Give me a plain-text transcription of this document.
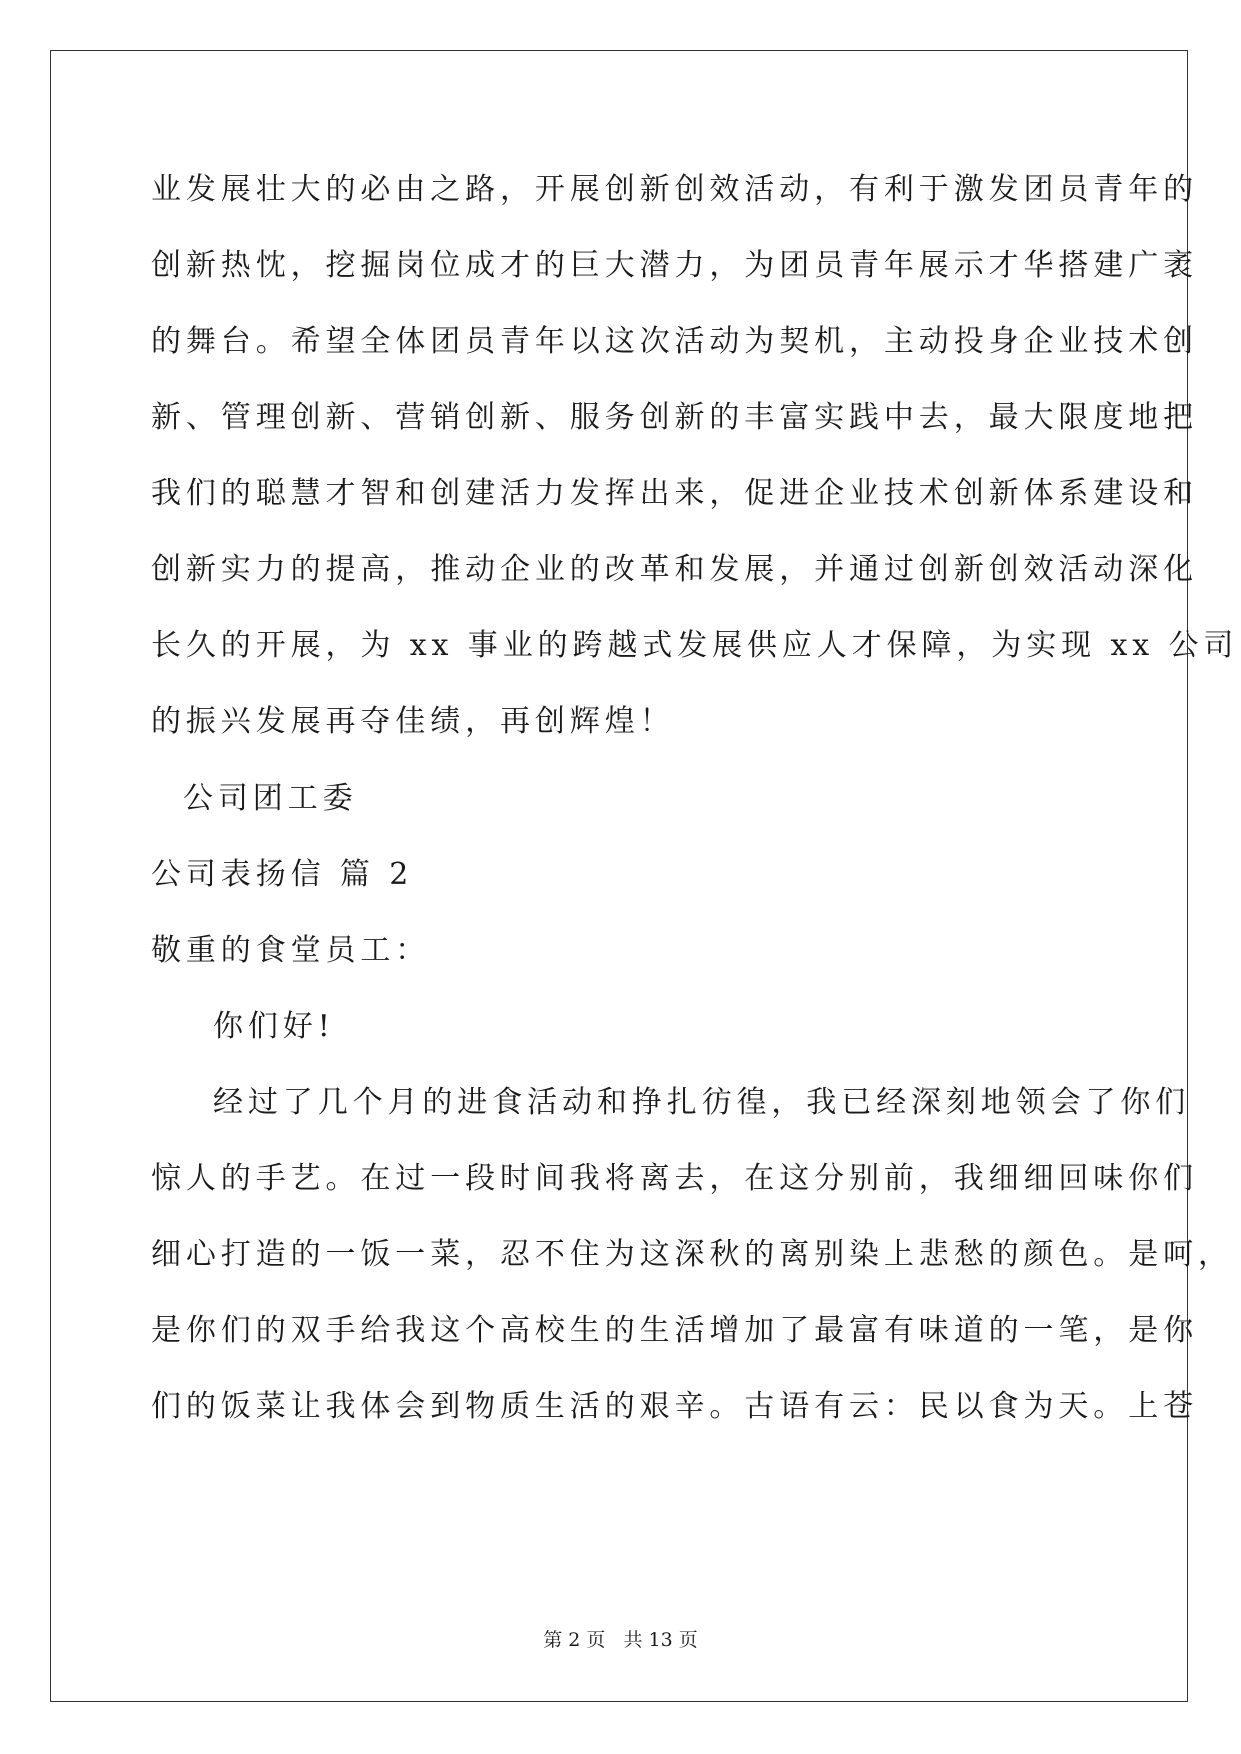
业发展壮大的必由之路，开展创新创效活动，有利于激发团员青年的
创新热忱，挖掘岗位成才的巨大潜力，为团员青年展示才华搭建广袤
的舞台。希望全体团员青年以这次活动为契机，主动投身企业技术创
新、管理创新、营销创新、服务创新的丰富实践中去，最大限度地把
我们的聪慧才智和创建活力发挥出来，促进企业技术创新体系建设和
创新实力的提高，推动企业的改革和发展，并通过创新创效活动深化
长久的开展，为 xx 事业的跨越式发展供应人才保障，为实现 xx 公司
的振兴发展再夺佳绩，再创辉煌！
公司团工委
公司表扬信 篇 2
敬重的食堂员工：
你们好!
经过了几个月的进食活动和挣扎彷徨，我已经深刻地领会了你们
惊人的手艺。在过一段时间我将离去，在这分别前，我细细回味你们
细心打造的一饭一菜，忍不住为这深秋的离别染上悲愁的颜色。是呵，
是你们的双手给我这个高校生的生活增加了最富有味道的一笔，是你
们的饭菜让我体会到物质生活的艰辛。古语有云：民以食为天。上苍
第 2 页   共 13 页
